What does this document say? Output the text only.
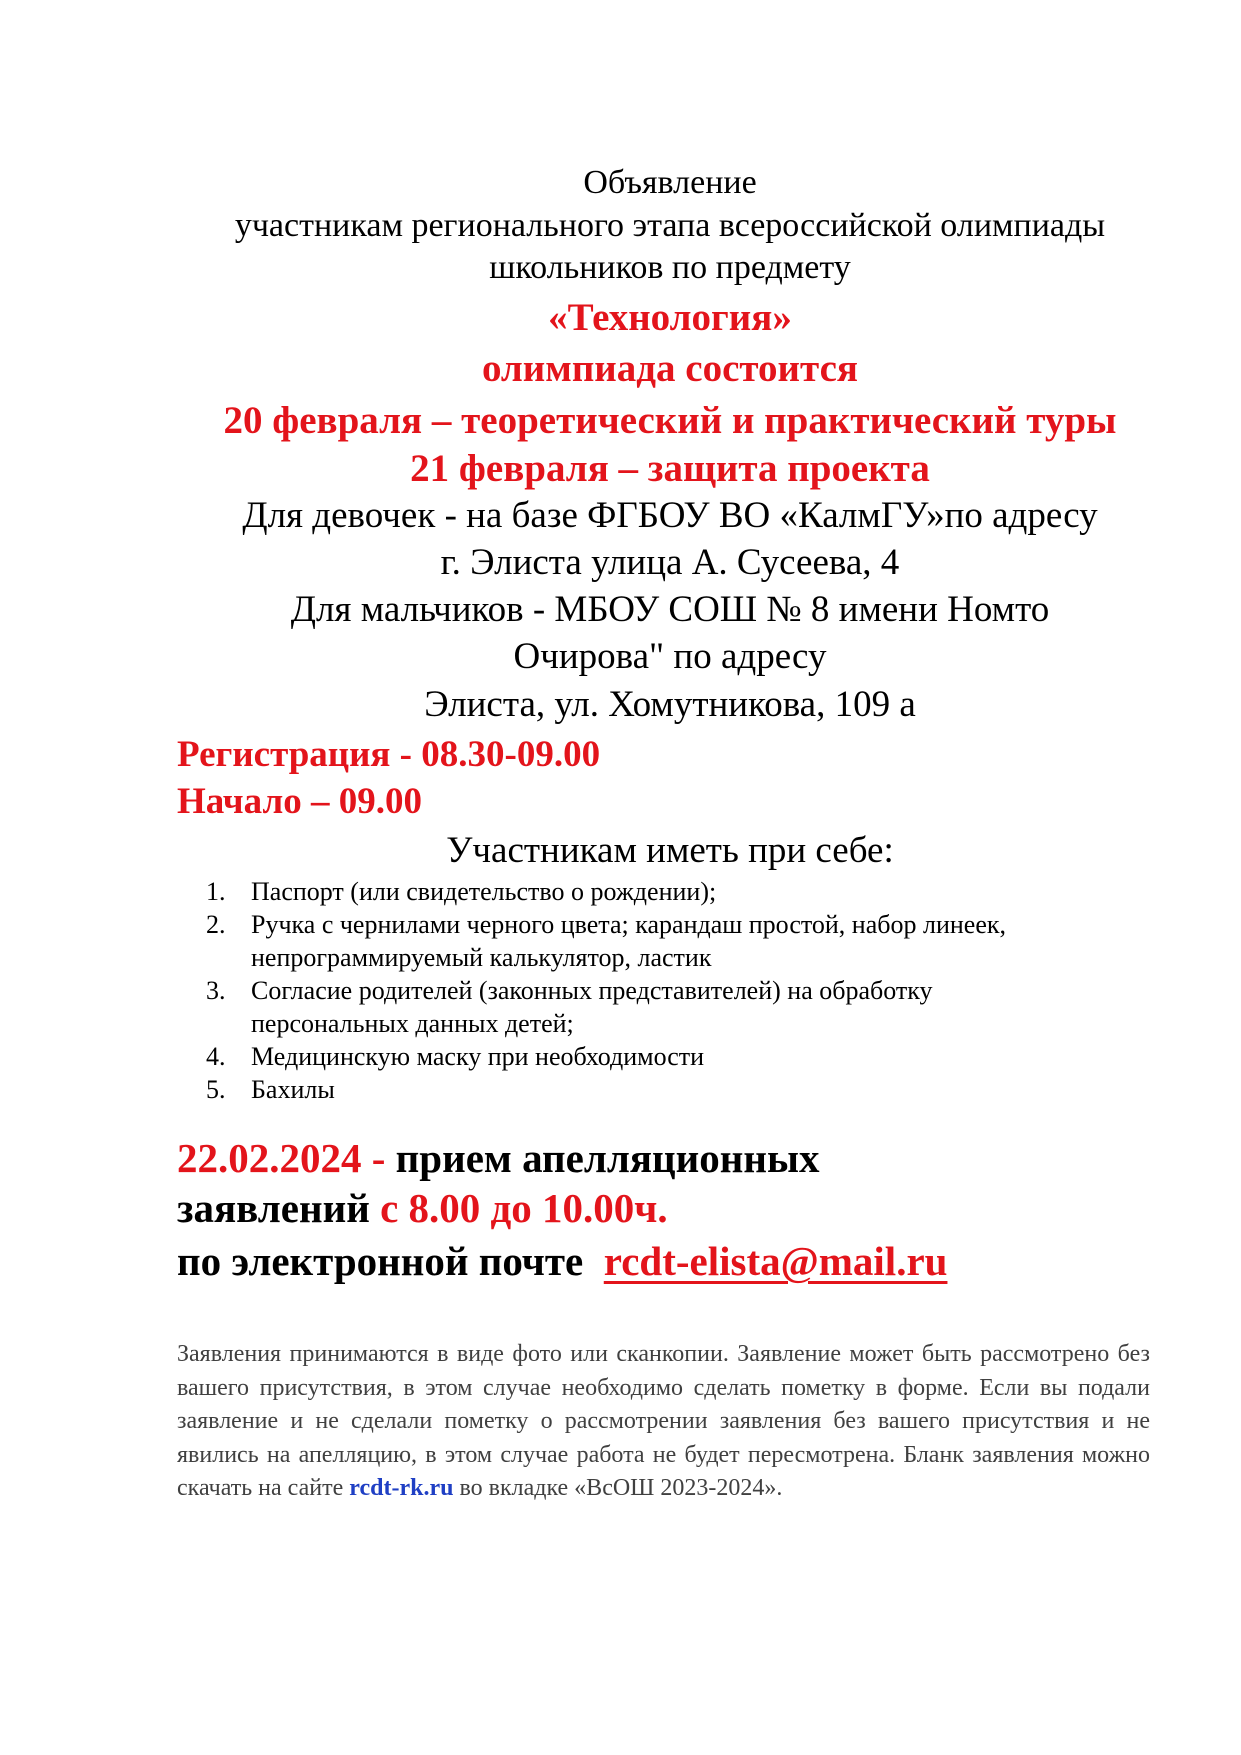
Объявление
участникам регионального этапа всероссийской олимпиады
школьников по предмету
«Технология»
олимпиада состоится
20 февраля – теоретический и практический туры
21 февраля – защита проекта
Для девочек - на базе ФГБОУ ВО «КалмГУ»по адресу
г. Элиста улица А. Сусеева, 4
Для мальчиков - МБОУ СОШ № 8 имени Номто
Очирова" по адресу
Элиста, ул. Хомутникова, 109 а
Регистрация - 08.30-09.00
Начало – 09.00
Участникам иметь при себе:
1. Паспорт (или свидетельство о рождении);
2. Ручка с чернилами черного цвета; карандаш простой, набор линеек,
непрограммируемый калькулятор, ластик
3. Согласие родителей (законных представителей) на обработку
персональных данных детей;
4. Медицинскую маску при необходимости
5. Бахилы
22.02.2024 - прием апелляционных
заявлений с 8.00 до 10.00ч.
по электронной почте rcdt-elista@mail.ru
Заявления принимаются в виде фото или сканкопии. Заявление может быть рассмотрено без вашего присутствия, в этом случае необходимо сделать пометку в форме. Если вы подали заявление и не сделали пометку о рассмотрении заявления без вашего присутствия и не явились на апелляцию, в этом случае работа не будет пересмотрена. Бланк заявления можно скачать на сайте rcdt-rk.ru во вкладке «ВсОШ 2023-2024».
